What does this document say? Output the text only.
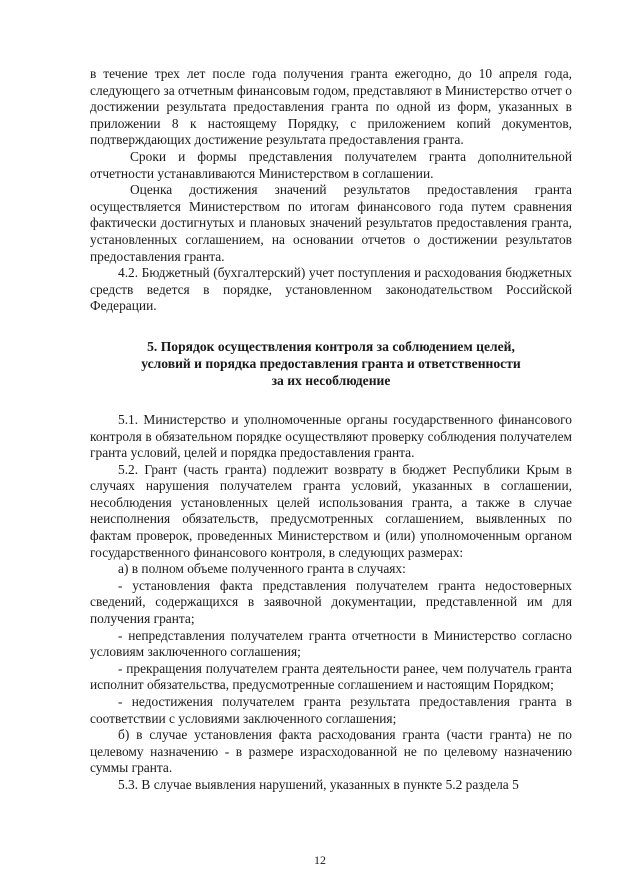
в течение трех лет после года получения гранта ежегодно, до 10 апреля года, следующего за отчетным финансовым годом, представляют в Министерство отчет о достижении результата предоставления гранта по одной из форм, указанных в приложении 8 к настоящему Порядку, с приложением копий документов, подтверждающих достижение результата предоставления гранта.

Сроки и формы представления получателем гранта дополнительной отчетности устанавливаются Министерством в соглашении.

Оценка достижения значений результатов предоставления гранта осуществляется Министерством по итогам финансового года путем сравнения фактически достигнутых и плановых значений результатов предоставления гранта, установленных соглашением, на основании отчетов о достижении результатов предоставления гранта.

4.2. Бюджетный (бухгалтерский) учет поступления и расходования бюджетных средств ведется в порядке, установленном законодательством Российской Федерации.

5. Порядок осуществления контроля за соблюдением целей,
условий и порядка предоставления гранта и ответственности
за их несоблюдение

5.1. Министерство и уполномоченные органы государственного финансового контроля в обязательном порядке осуществляют проверку соблюдения получателем гранта условий, целей и порядка предоставления гранта.

5.2. Грант (часть гранта) подлежит возврату в бюджет Республики Крым в случаях нарушения получателем гранта условий, указанных в соглашении, несоблюдения установленных целей использования гранта, а также в случае неисполнения обязательств, предусмотренных соглашением, выявленных по фактам проверок, проведенных Министерством и (или) уполномоченным органом государственного финансового контроля, в следующих размерах:

а) в полном объеме полученного гранта в случаях:

- установления факта представления получателем гранта недостоверных сведений, содержащихся в заявочной документации, представленной им для получения гранта;

- непредставления получателем гранта отчетности в Министерство согласно условиям заключенного соглашения;

- прекращения получателем гранта деятельности ранее, чем получатель гранта исполнит обязательства, предусмотренные соглашением и настоящим Порядком;

- недостижения получателем гранта результата предоставления гранта в соответствии с условиями заключенного соглашения;

б) в случае установления факта расходования гранта (части гранта) не по целевому назначению - в размере израсходованной не по целевому назначению суммы гранта.

5.3. В случае выявления нарушений, указанных в пункте 5.2 раздела 5

12
